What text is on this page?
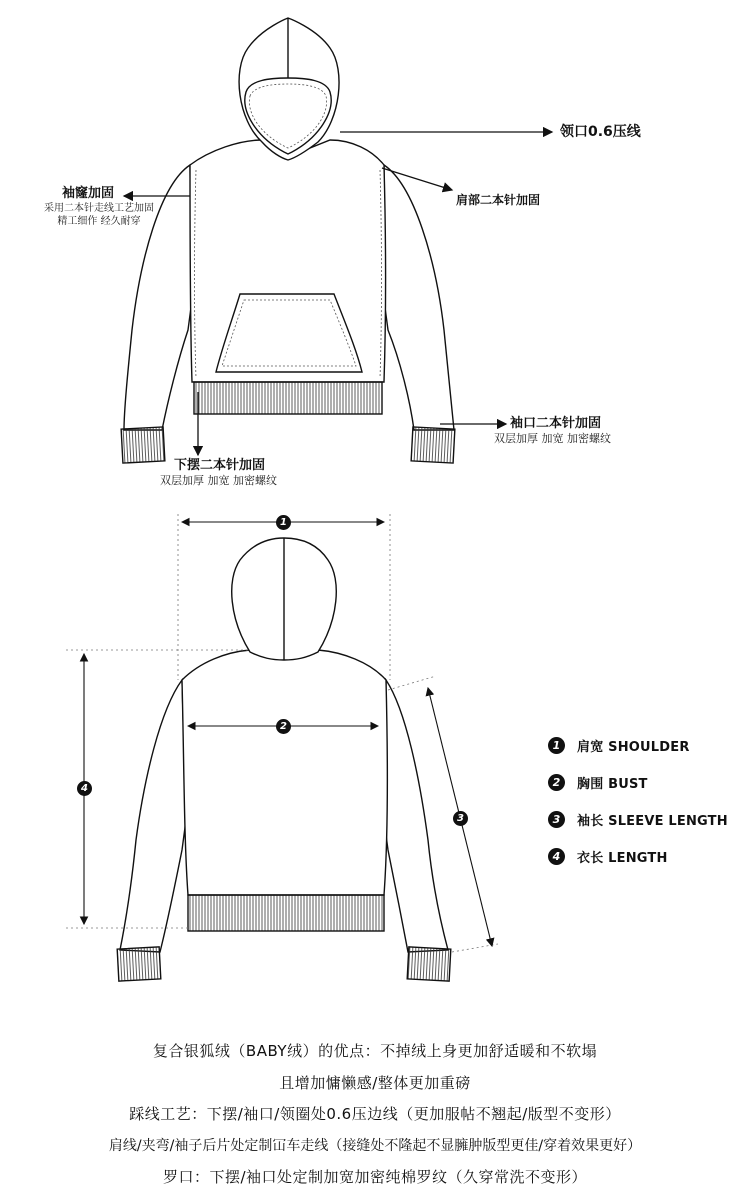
1
2
3
4
领口0.6压线
袖窿加固
采用二本针走线工艺加固
精工细作 经久耐穿
肩部二本针加固
袖口二本针加固
双层加厚 加宽 加密螺纹
下摆二本针加固
双层加厚 加宽 加密螺纹
1	肩宽 SHOULDER
2	胸围 BUST
3	袖长 SLEEVE LENGTH
4	衣长 LENGTH
复合银狐绒（BABY绒）的优点：不掉绒上身更加舒适暖和不软塌
且增加慵懒感/整体更加重磅
踩线工艺：下摆/袖口/领圈处0.6压边线（更加服帖不翘起/版型不变形）
肩线/夹弯/袖子后片处定制冚车走线（接缝处不隆起不显臃肿版型更佳/穿着效果更好）
罗口：下摆/袖口处定制加宽加密纯棉罗纹（久穿常洗不变形）
